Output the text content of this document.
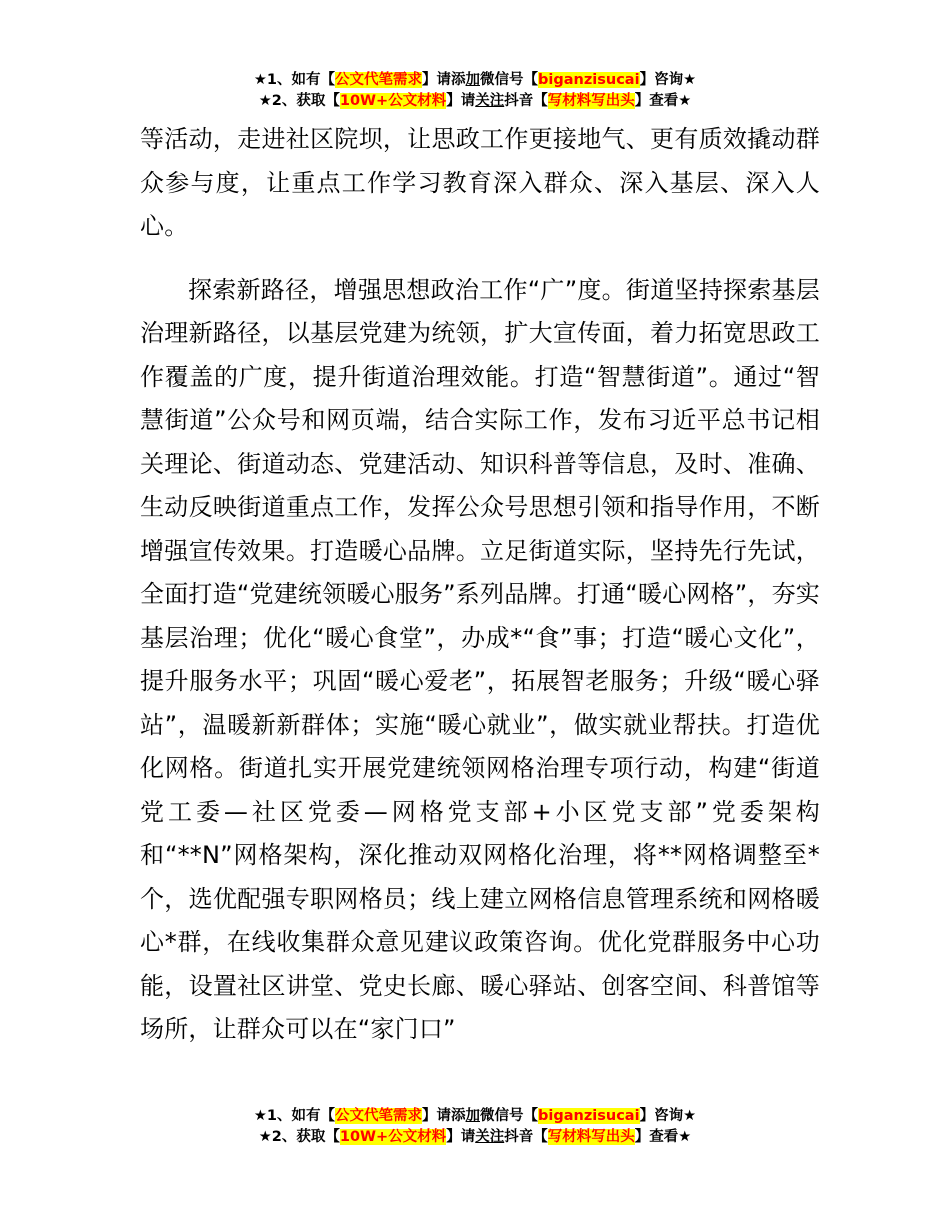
★1、如有【公文代笔需求】请添加微信号【biganzisucai】咨询★
★2、获取【10W+公文材料】请关注抖音【写材料写出头】查看★

等活动，走进社区院坝，让思政工作更接地气、更有质效撬动群众参与度，让重点工作学习教育深入群众、深入基层、深入人心。

探索新路径，增强思想政治工作“广”度。街道坚持探索基层治理新路径，以基层党建为统领，扩大宣传面，着力拓宽思政工作覆盖的广度，提升街道治理效能。打造“智慧街道”。通过“智慧街道”公众号和网页端，结合实际工作，发布习近平总书记相关理论、街道动态、党建活动、知识科普等信息，及时、准确、生动反映街道重点工作，发挥公众号思想引领和指导作用，不断增强宣传效果。打造暖心品牌。立足街道实际，坚持先行先试，全面打造“党建统领暖心服务”系列品牌。打通“暖心网格”，夯实基层治理；优化“暖心食堂”，办成*“食”事；打造“暖心文化”，提升服务水平；巩固“暖心爱老”，拓展智老服务；升级“暖心驿站”，温暖新新群体；实施“暖心就业”，做实就业帮扶。打造优化网格。街道扎实开展党建统领网格治理专项行动，构建“街道党工委—社区党委—网格党支部+小区党支部”党委架构和“**N”网格架构，深化推动双网格化治理，将**网格调整至*个，选优配强专职网格员；线上建立网格信息管理系统和网格暖心*群，在线收集群众意见建议政策咨询。优化党群服务中心功能，设置社区讲堂、党史长廊、暖心驿站、创客空间、科普馆等场所，让群众可以在“家门口”

★1、如有【公文代笔需求】请添加微信号【biganzisucai】咨询★
★2、获取【10W+公文材料】请关注抖音【写材料写出头】查看★
